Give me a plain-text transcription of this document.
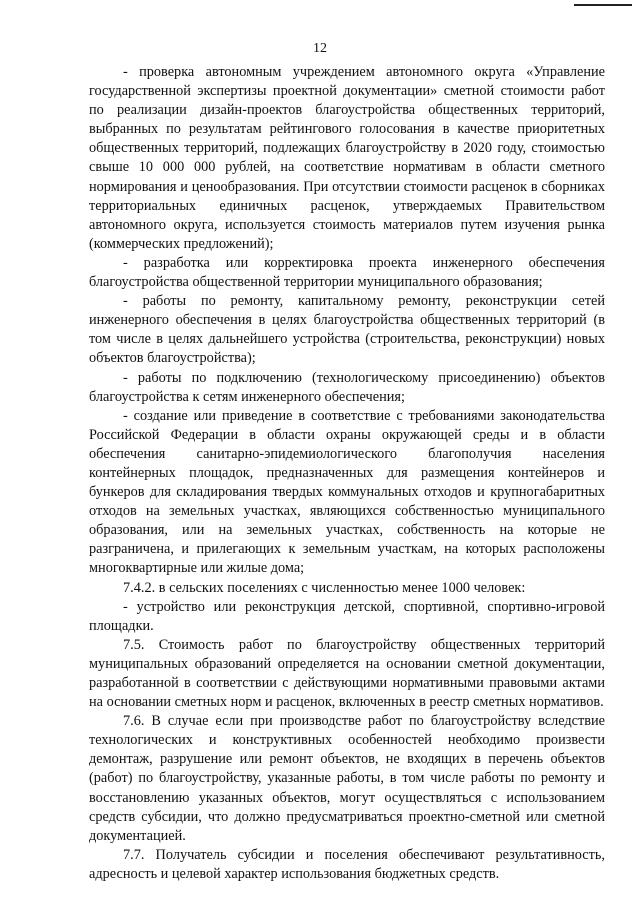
12

- проверка автономным учреждением автономного округа «Управление государственной экспертизы проектной документации» сметной стоимости работ по реализации дизайн-проектов благоустройства общественных территорий, выбранных по результатам рейтингового голосования в качестве приоритетных общественных территорий, подлежащих благоустройству в 2020 году, стоимостью свыше 10 000 000 рублей, на соответствие нормативам в области сметного нормирования и ценообразования. При отсутствии стоимости расценок в сборниках территориальных единичных расценок, утверждаемых Правительством автономного округа, используется стоимость материалов путем изучения рынка (коммерческих предложений);

- разработка или корректировка проекта инженерного обеспечения благоустройства общественной территории муниципального образования;

- работы по ремонту, капитальному ремонту, реконструкции сетей инженерного обеспечения в целях благоустройства общественных территорий (в том числе в целях дальнейшего устройства (строительства, реконструкции) новых объектов благоустройства);

- работы по подключению (технологическому присоединению) объектов благоустройства к сетям инженерного обеспечения;

- создание или приведение в соответствие с требованиями законодательства Российской Федерации в области охраны окружающей среды и в области обеспечения санитарно-эпидемиологического благополучия населения контейнерных площадок, предназначенных для размещения контейнеров и бункеров для складирования твердых коммунальных отходов и крупногабаритных отходов на земельных участках, являющихся собственностью муниципального образования, или на земельных участках, собственность на которые не разграничена, и прилегающих к земельным участкам, на которых расположены многоквартирные или жилые дома;

7.4.2. в сельских поселениях с численностью менее 1000 человек:

- устройство или реконструкция детской, спортивной, спортивно-игровой площадки.

7.5. Стоимость работ по благоустройству общественных территорий муниципальных образований определяется на основании сметной документации, разработанной в соответствии с действующими нормативными правовыми актами на основании сметных норм и расценок, включенных в реестр сметных нормативов.

7.6. В случае если при производстве работ по благоустройству вследствие технологических и конструктивных особенностей необходимо произвести демонтаж, разрушение или ремонт объектов, не входящих в перечень объектов (работ) по благоустройству, указанные работы, в том числе работы по ремонту и восстановлению указанных объектов, могут осуществляться с использованием средств субсидии, что должно предусматриваться проектно-сметной или сметной документацией.

7.7. Получатель субсидии и поселения обеспечивают результативность, адресность и целевой характер использования бюджетных средств.
